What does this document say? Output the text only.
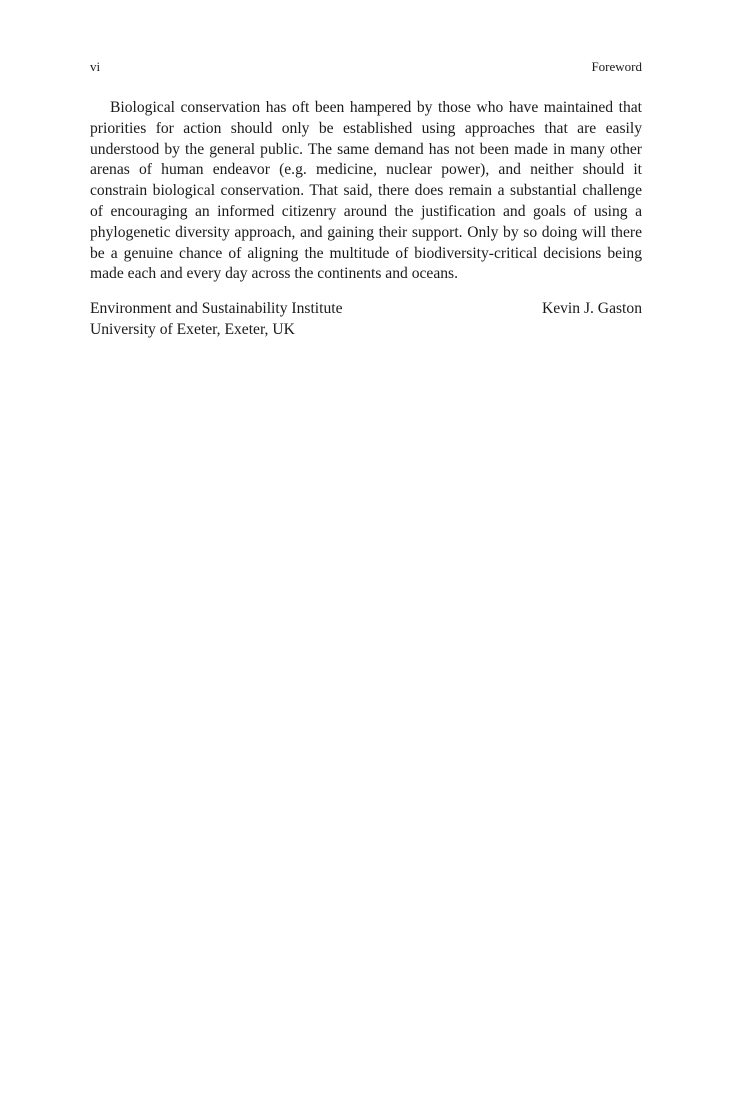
vi	Foreword

Biological conservation has oft been hampered by those who have maintained that priorities for action should only be established using approaches that are easily understood by the general public. The same demand has not been made in many other arenas of human endeavor (e.g. medicine, nuclear power), and neither should it constrain biological conservation. That said, there does remain a substantial challenge of encouraging an informed citizenry around the justification and goals of using a phylogenetic diversity approach, and gaining their support. Only by so doing will there be a genuine chance of aligning the multitude of biodiversity-critical decisions being made each and every day across the continents and oceans.

Environment and Sustainability Institute
University of Exeter, Exeter, UK
Kevin J. Gaston
